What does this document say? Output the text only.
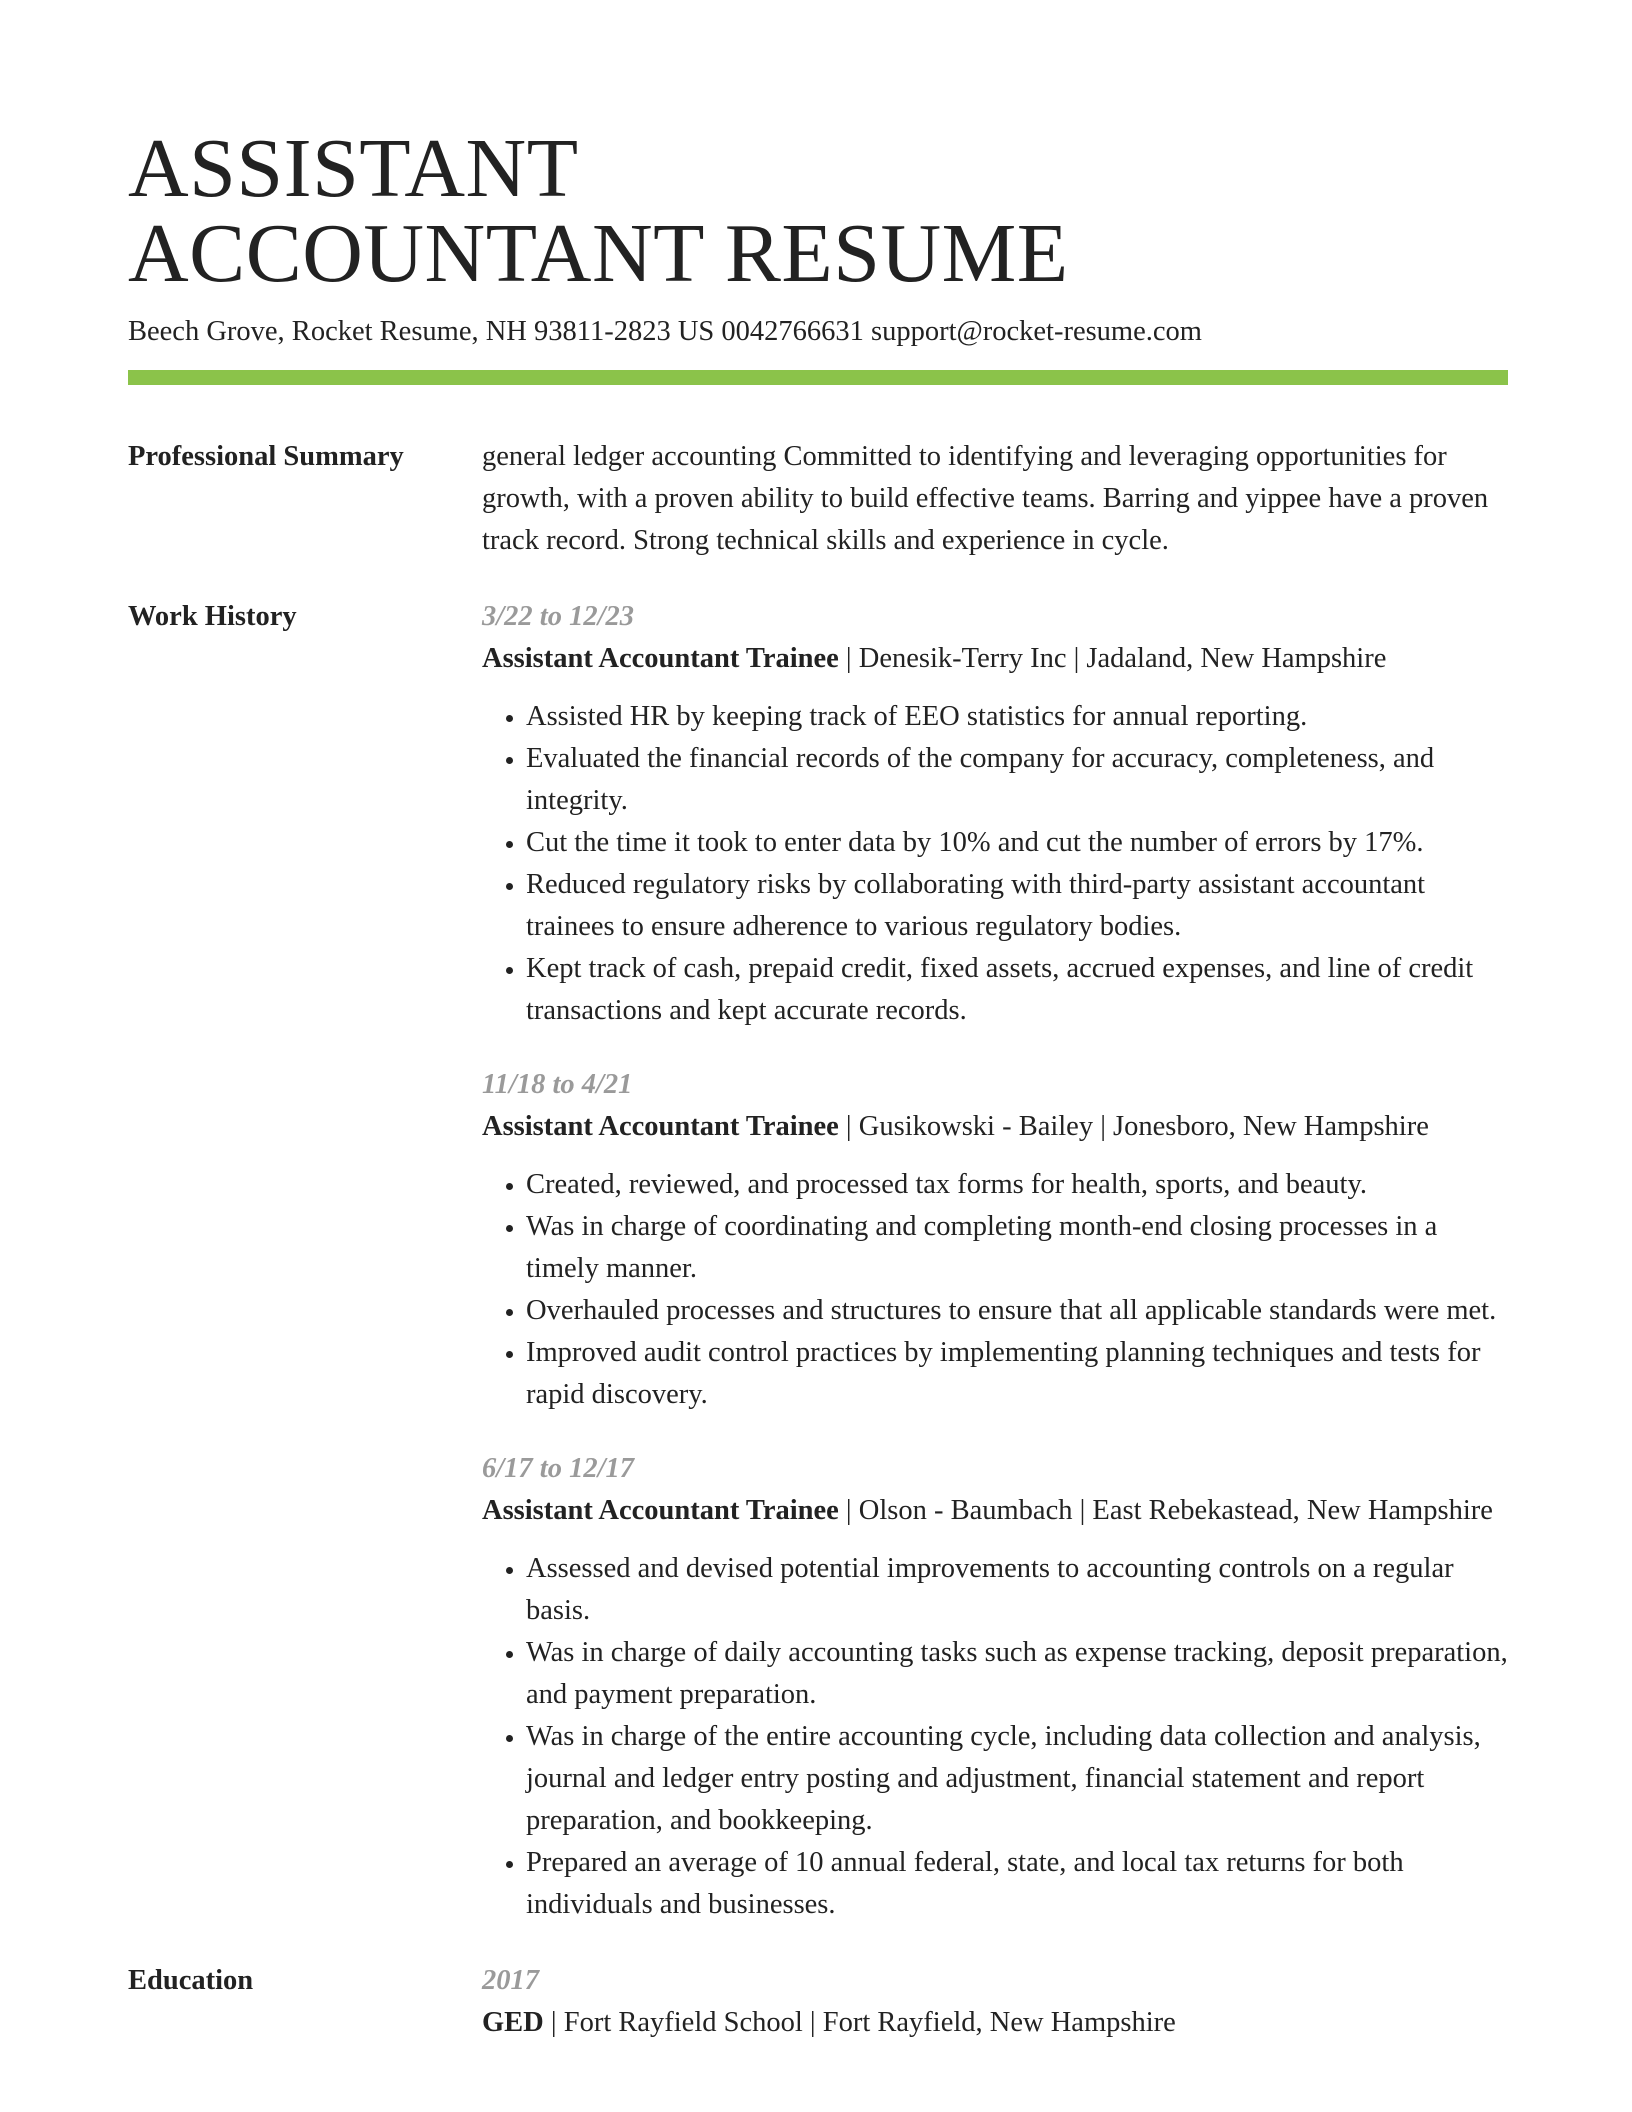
ASSISTANT
ACCOUNTANT RESUME
Beech Grove, Rocket Resume, NH 93811-2823 US 0042766631 support@rocket-resume.com
Professional Summary	general ledger accounting Committed to identifying and leveraging opportunities for growth, with a proven ability to build effective teams. Barring and yippee have a proven track record. Strong technical skills and experience in cycle.

Work History	3/22 to 12/23
Assistant Accountant Trainee | Denesik-Terry Inc | Jadaland, New Hampshire
• Assisted HR by keeping track of EEO statistics for annual reporting.
• Evaluated the financial records of the company for accuracy, completeness, and integrity.
• Cut the time it took to enter data by 10% and cut the number of errors by 17%.
• Reduced regulatory risks by collaborating with third-party assistant accountant trainees to ensure adherence to various regulatory bodies.
• Kept track of cash, prepaid credit, fixed assets, accrued expenses, and line of credit transactions and kept accurate records.
11/18 to 4/21
Assistant Accountant Trainee | Gusikowski - Bailey | Jonesboro, New Hampshire
• Created, reviewed, and processed tax forms for health, sports, and beauty.
• Was in charge of coordinating and completing month-end closing processes in a timely manner.
• Overhauled processes and structures to ensure that all applicable standards were met.
• Improved audit control practices by implementing planning techniques and tests for rapid discovery.
6/17 to 12/17
Assistant Accountant Trainee | Olson - Baumbach | East Rebekastead, New Hampshire
• Assessed and devised potential improvements to accounting controls on a regular basis.
• Was in charge of daily accounting tasks such as expense tracking, deposit preparation, and payment preparation.
• Was in charge of the entire accounting cycle, including data collection and analysis, journal and ledger entry posting and adjustment, financial statement and report preparation, and bookkeeping.
• Prepared an average of 10 annual federal, state, and local tax returns for both individuals and businesses.
Education	2017
GED | Fort Rayfield School | Fort Rayfield, New Hampshire
